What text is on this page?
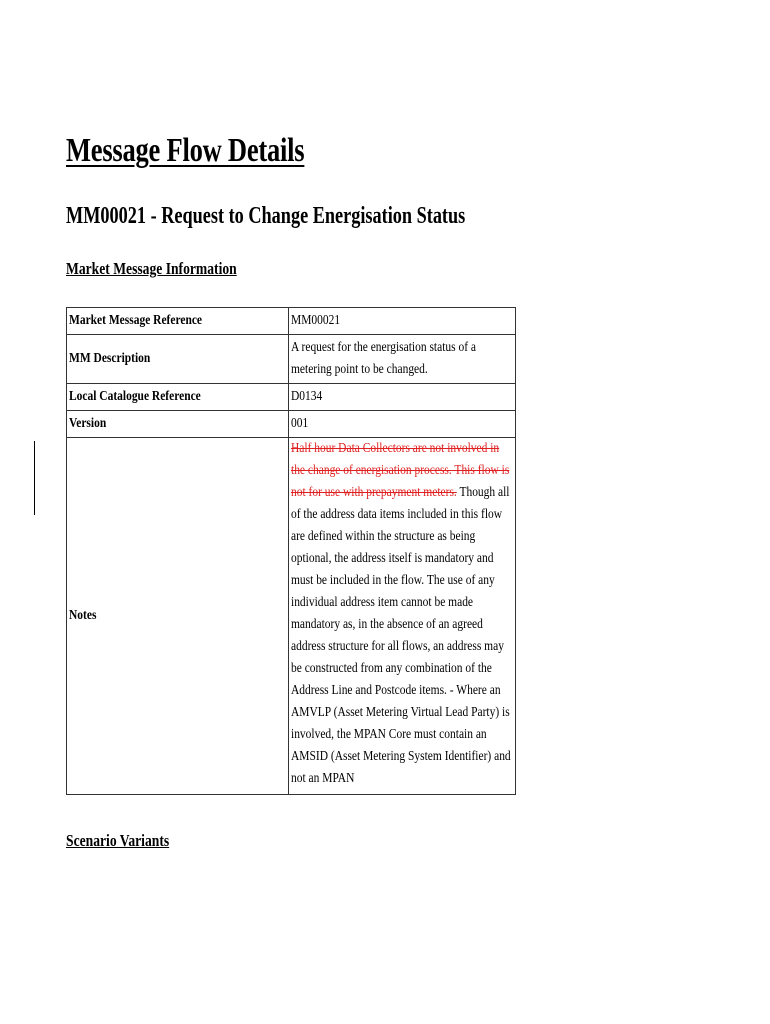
Message Flow Details
MM00021 - Request to Change Energisation Status
Market Message Information
Market Message Reference	MM00021

MM Description	A request for the energisation status of a metering point to be changed.

Local Catalogue Reference	D0134

Version	001

Notes	Half hour Data Collectors are not involved in the change of energisation process. This flow is not for use with prepayment meters. Though all of the address data items included in this flow are defined within the structure as being optional, the address itself is mandatory and must be included in the flow. The use of any individual address item cannot be made mandatory as, in the absence of an agreed address structure for all flows, an address may be constructed from any combination of the Address Line and Postcode items. - Where an AMVLP (Asset Metering Virtual Lead Party) is involved, the MPAN Core must contain an AMSID (Asset Metering System Identifier) and not an MPAN
Scenario Variants
